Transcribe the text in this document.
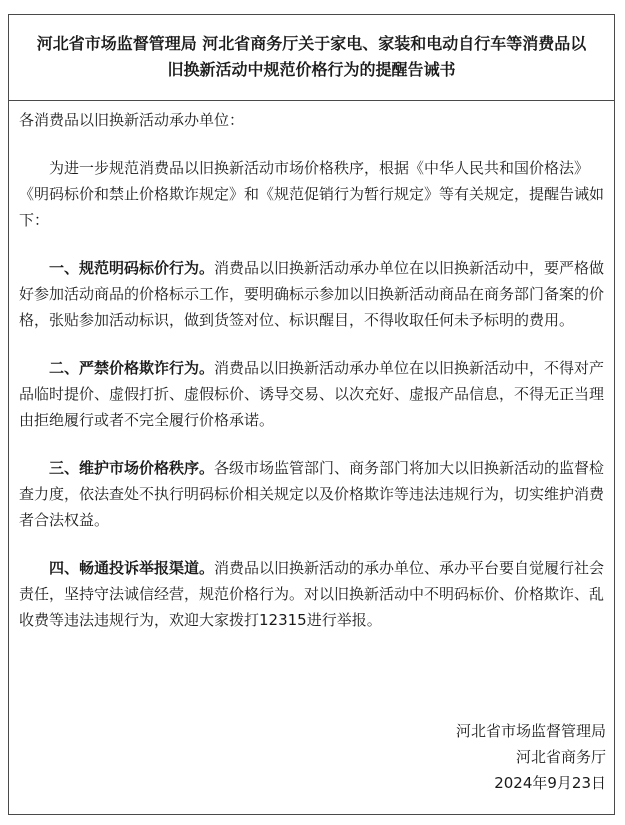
河北省市场监督管理局 河北省商务厅关于家电、家装和电动自行车等消费品以
旧换新活动中规范价格行为的提醒告诫书
各消费品以旧换新活动承办单位：
为进一步规范消费品以旧换新活动市场价格秩序，根据《中华人民共和国价格法》《明码标价和禁止价格欺诈规定》和《规范促销行为暂行规定》等有关规定，提醒告诫如下：
一、规范明码标价行为。消费品以旧换新活动承办单位在以旧换新活动中，要严格做好参加活动商品的价格标示工作，要明确标示参加以旧换新活动商品在商务部门备案的价格，张贴参加活动标识，做到货签对位、标识醒目，不得收取任何未予标明的费用。
二、严禁价格欺诈行为。消费品以旧换新活动承办单位在以旧换新活动中，不得对产品临时提价、虚假打折、虚假标价、诱导交易、以次充好、虚报产品信息，不得无正当理由拒绝履行或者不完全履行价格承诺。
三、维护市场价格秩序。各级市场监管部门、商务部门将加大以旧换新活动的监督检查力度，依法查处不执行明码标价相关规定以及价格欺诈等违法违规行为，切实维护消费者合法权益。
四、畅通投诉举报渠道。消费品以旧换新活动的承办单位、承办平台要自觉履行社会责任，坚持守法诚信经营，规范价格行为。对以旧换新活动中不明码标价、价格欺诈、乱收费等违法违规行为，欢迎大家拨打12315进行举报。
河北省市场监督管理局
河北省商务厅
2024年9月23日
